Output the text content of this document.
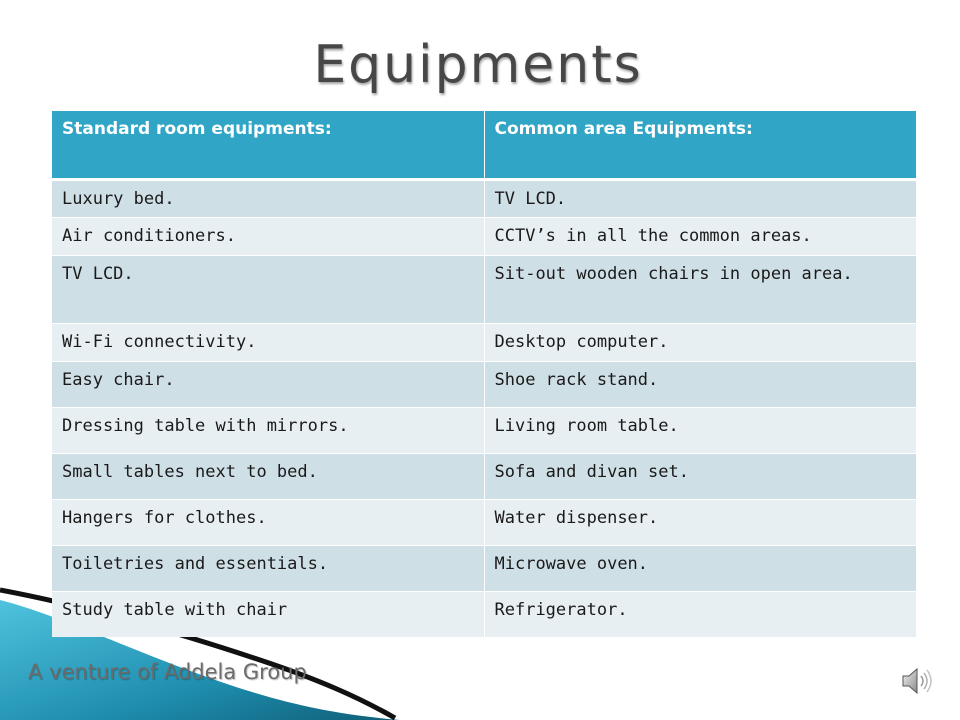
Equipments
Standard room equipments:	Common area Equipments:
Luxury bed.	TV LCD.
Air conditioners.	CCTV’s in all the common areas.
TV LCD.	Sit-out wooden chairs in open area.
Wi-Fi connectivity.	Desktop computer.
Easy chair.	Shoe rack stand.
Dressing table with mirrors.	Living room table.
Small tables next to bed.	Sofa and divan set.
Hangers for clothes.	Water dispenser.
Toiletries and essentials.	Microwave oven.
Study table with chair	Refrigerator.
A venture of Addela Group
